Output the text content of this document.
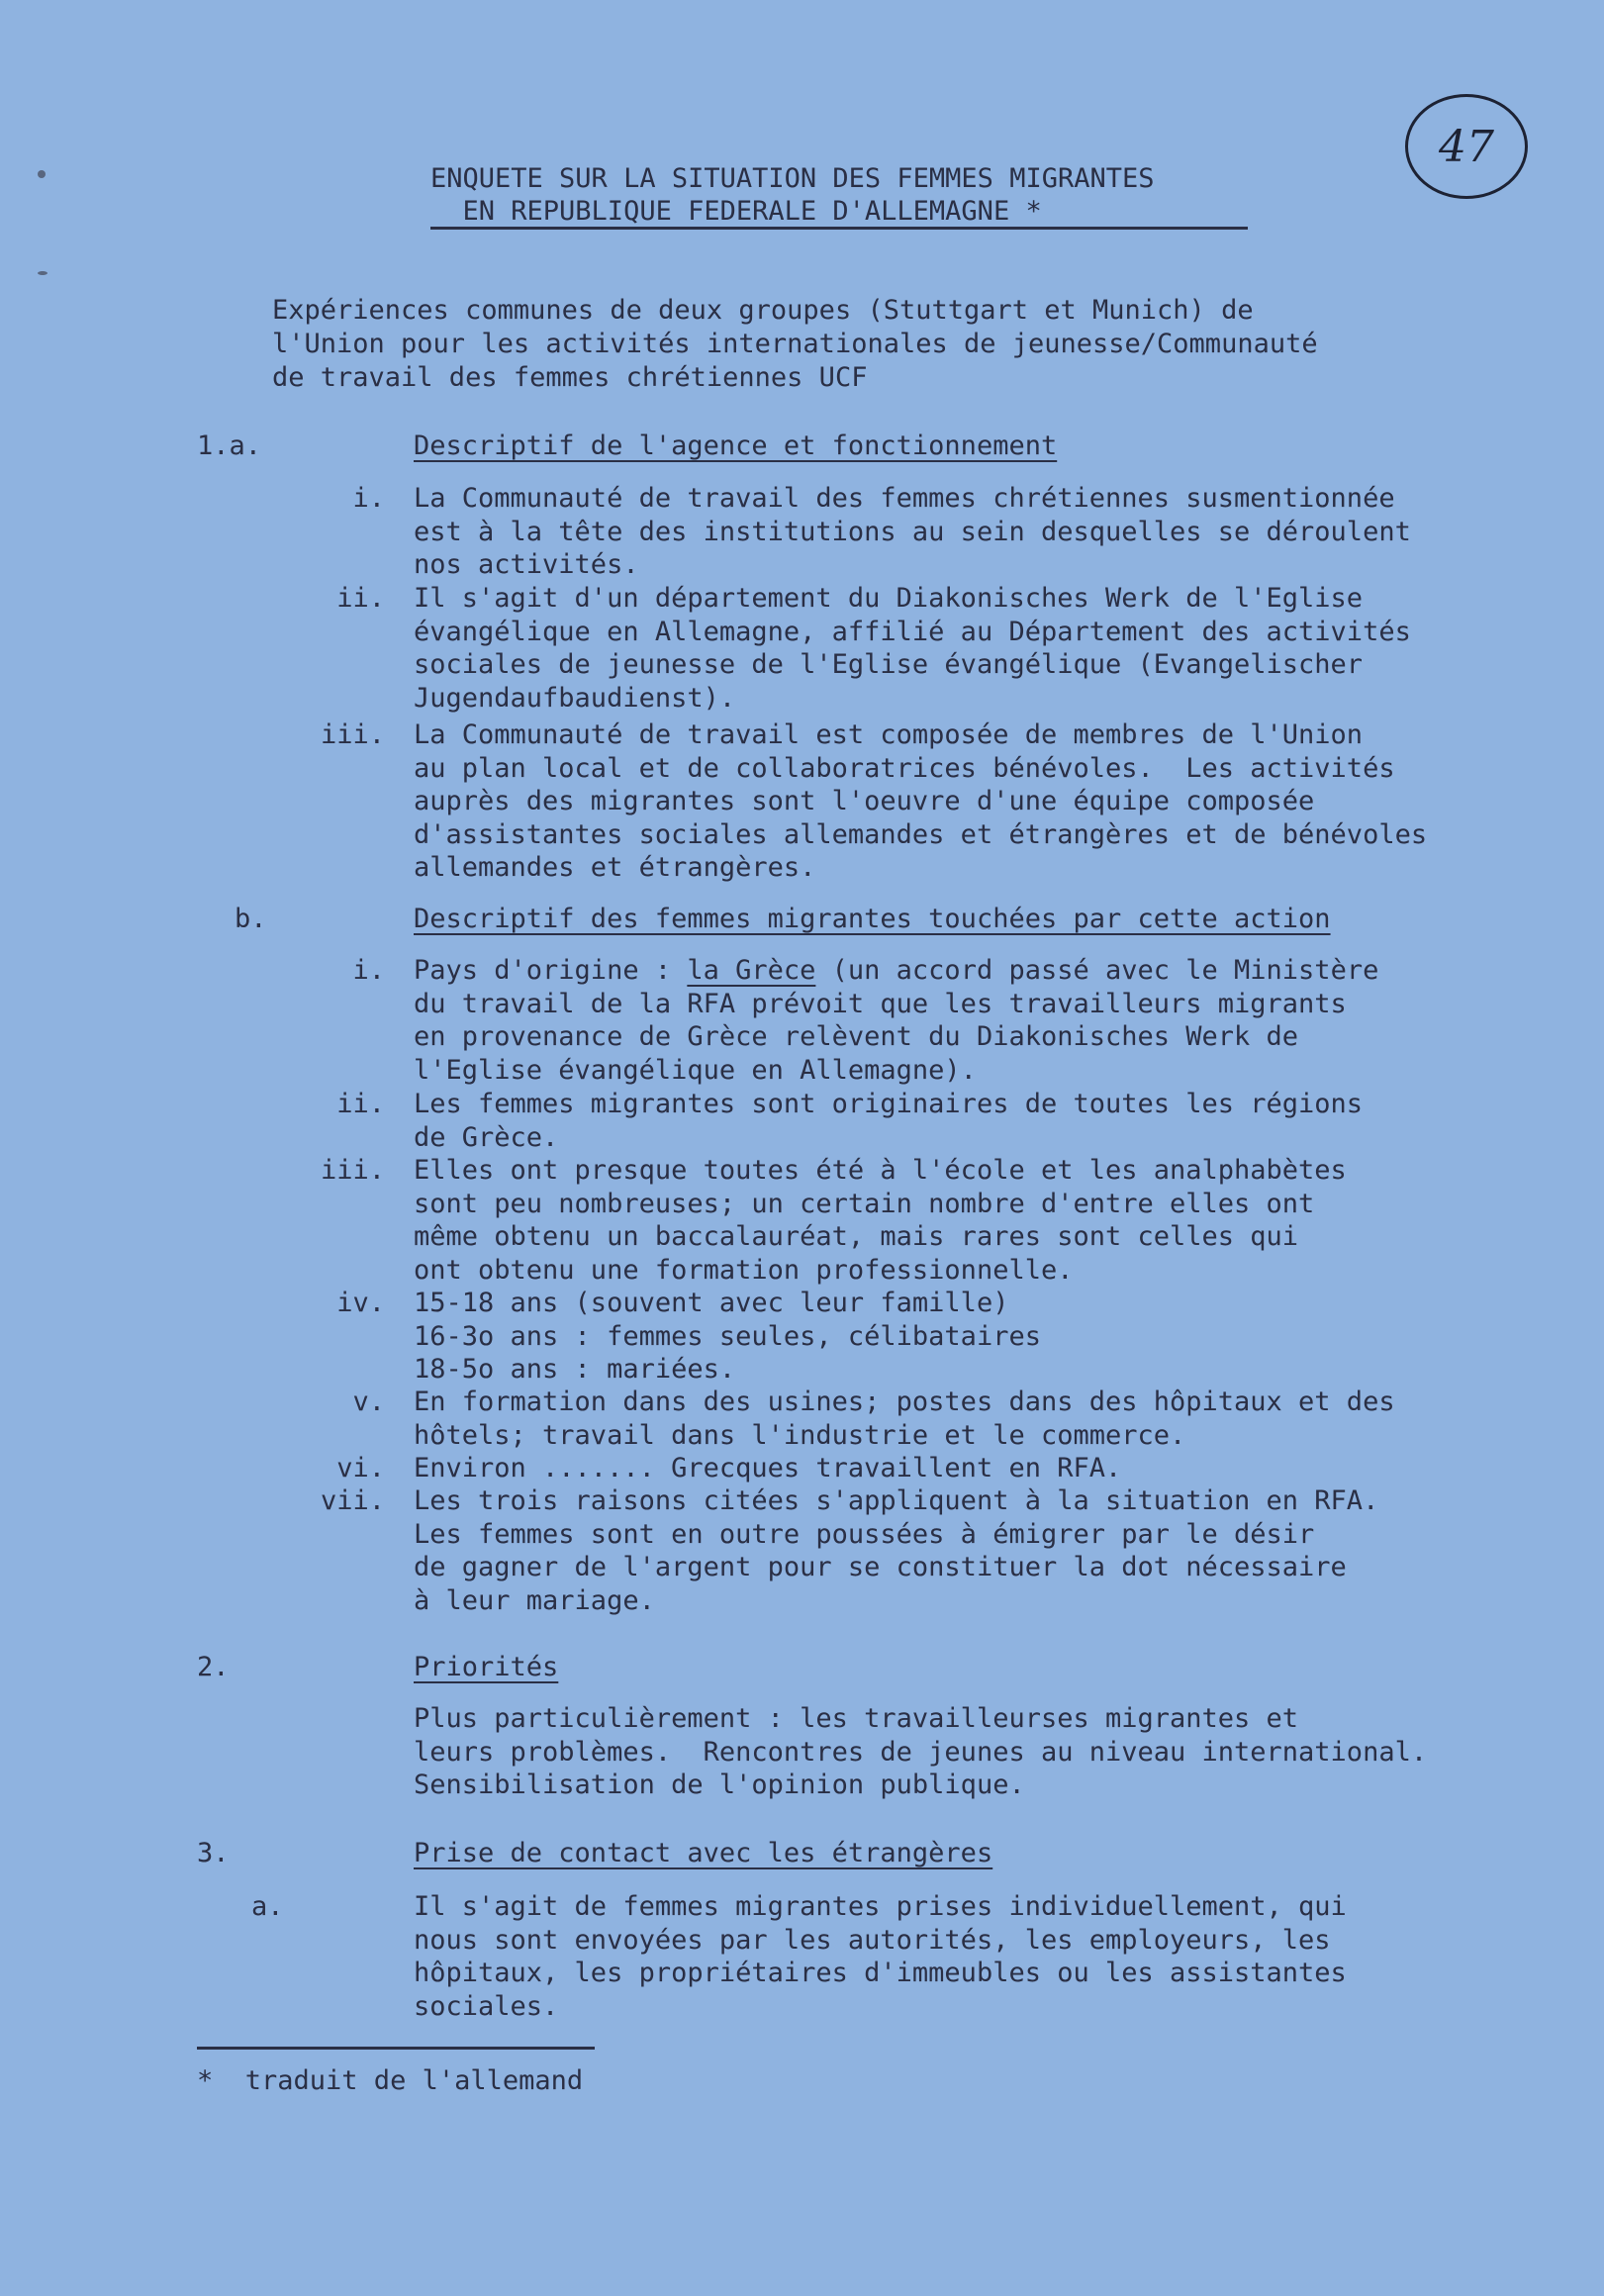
47
ENQUETE SUR LA SITUATION DES FEMMES MIGRANTES
EN REPUBLIQUE FEDERALE D'ALLEMAGNE *
Expériences communes de deux groupes (Stuttgart et Munich) de
l'Union pour les activités internationales de jeunesse/Communauté
de travail des femmes chrétiennes UCF
1.a.	Descriptif de l'agence et fonctionnement
i. La Communauté de travail des femmes chrétiennes susmentionnée
est à la tête des institutions au sein desquelles se déroulent
nos activités.
ii. Il s'agit d'un département du Diakonisches Werk de l'Eglise
évangélique en Allemagne, affilié au Département des activités
sociales de jeunesse de l'Eglise évangélique (Evangelischer
Jugendaufbaudienst).
iii. La Communauté de travail est composée de membres de l'Union
au plan local et de collaboratrices bénévoles.  Les activités
auprès des migrantes sont l'oeuvre d'une équipe composée
d'assistantes sociales allemandes et étrangères et de bénévoles
allemandes et étrangères.
b.	Descriptif des femmes migrantes touchées par cette action
i. Pays d'origine : la Grèce (un accord passé avec le Ministère
du travail de la RFA prévoit que les travailleurs migrants
en provenance de Grèce relèvent du Diakonisches Werk de
l'Eglise évangélique en Allemagne).
ii. Les femmes migrantes sont originaires de toutes les régions
de Grèce.
iii. Elles ont presque toutes été à l'école et les analphabètes
sont peu nombreuses; un certain nombre d'entre elles ont
même obtenu un baccalauréat, mais rares sont celles qui
ont obtenu une formation professionnelle.
iv. 15-18 ans (souvent avec leur famille)
16-3o ans : femmes seules, célibataires
18-5o ans : mariées.
v. En formation dans des usines; postes dans des hôpitaux et des
hôtels; travail dans l'industrie et le commerce.
vi. Environ ....... Grecques travaillent en RFA.
vii. Les trois raisons citées s'appliquent à la situation en RFA.
Les femmes sont en outre poussées à émigrer par le désir
de gagner de l'argent pour se constituer la dot nécessaire
à leur mariage.
2.	Priorités
Plus particulièrement : les travailleurses migrantes et
leurs problèmes.  Rencontres de jeunes au niveau international.
Sensibilisation de l'opinion publique.
3.	Prise de contact avec les étrangères
a.	Il s'agit de femmes migrantes prises individuellement, qui
nous sont envoyées par les autorités, les employeurs, les
hôpitaux, les propriétaires d'immeubles ou les assistantes
sociales.
*  traduit de l'allemand
